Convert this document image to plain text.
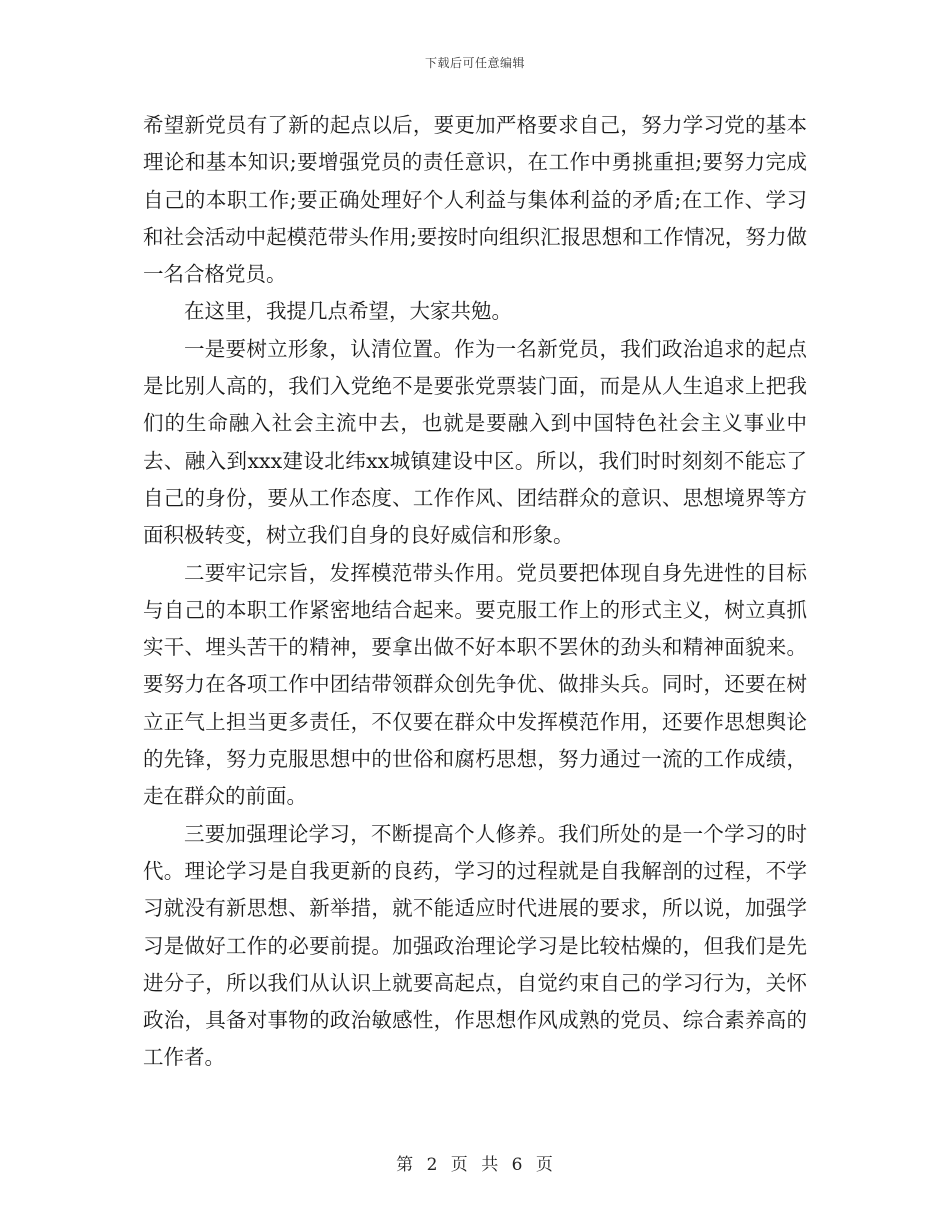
下载后可任意编辑

希望新党员有了新的起点以后，要更加严格要求自己，努力学习党的基本理论和基本知识;要增强党员的责任意识，在工作中勇挑重担;要努力完成自己的本职工作;要正确处理好个人利益与集体利益的矛盾;在工作、学习和社会活动中起模范带头作用;要按时向组织汇报思想和工作情况，努力做一名合格党员。

在这里，我提几点希望，大家共勉。

一是要树立形象，认清位置。作为一名新党员，我们政治追求的起点是比别人高的，我们入党绝不是要张党票装门面，而是从人生追求上把我们的生命融入社会主流中去，也就是要融入到中国特色社会主义事业中去、融入到xxx建设北纬xx城镇建设中区。所以，我们时时刻刻不能忘了自己的身份，要从工作态度、工作作风、团结群众的意识、思想境界等方面积极转变，树立我们自身的良好威信和形象。

二要牢记宗旨，发挥模范带头作用。党员要把体现自身先进性的目标与自己的本职工作紧密地结合起来。要克服工作上的形式主义，树立真抓实干、埋头苦干的精神，要拿出做不好本职不罢休的劲头和精神面貌来。要努力在各项工作中团结带领群众创先争优、做排头兵。同时，还要在树立正气上担当更多责任，不仅要在群众中发挥模范作用，还要作思想舆论的先锋，努力克服思想中的世俗和腐朽思想，努力通过一流的工作成绩，走在群众的前面。

三要加强理论学习，不断提高个人修养。我们所处的是一个学习的时代。理论学习是自我更新的良药，学习的过程就是自我解剖的过程，不学习就没有新思想、新举措，就不能适应时代进展的要求，所以说，加强学习是做好工作的必要前提。加强政治理论学习是比较枯燥的，但我们是先进分子，所以我们从认识上就要高起点，自觉约束自己的学习行为，关怀政治，具备对事物的政治敏感性，作思想作风成熟的党员、综合素养高的工作者。

第 2 页 共 6 页
